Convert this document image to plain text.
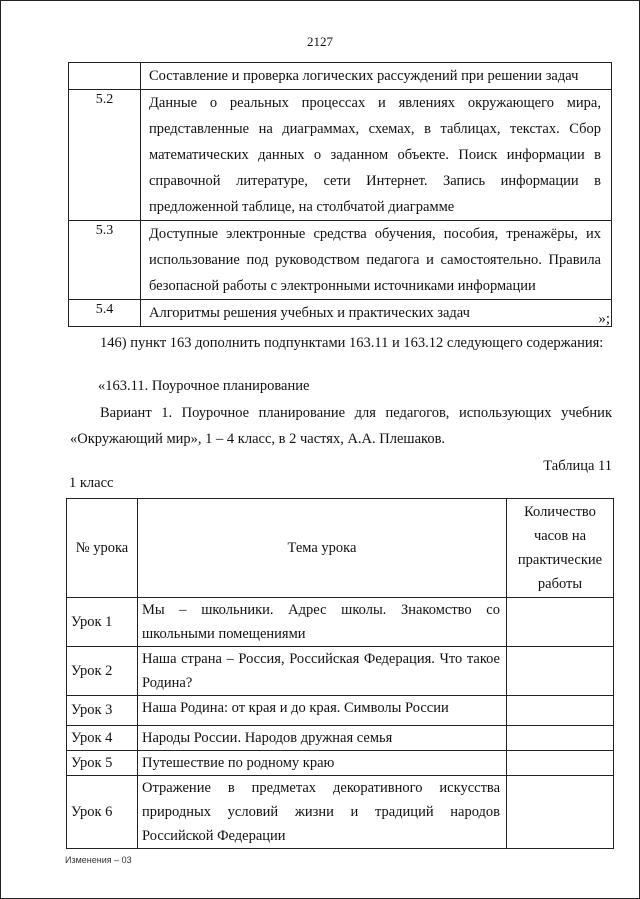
2127
	Составление и проверка логических рассуждений при решении задач
5.2	Данные о реальных процессах и явлениях окружающего мира, представленные на диаграммах, схемах, в таблицах, текстах. Сбор математических данных о заданном объекте. Поиск информации в справочной литературе, сети Интернет. Запись информации в предложенной таблице, на столбчатой диаграмме
5.3	Доступные электронные средства обучения, пособия, тренажёры, их использование под руководством педагога и самостоятельно. Правила безопасной работы с электронными источниками информации
5.4	Алгоритмы решения учебных и практических задач	»;
146) пункт 163 дополнить подпунктами 163.11 и 163.12 следующего содержания:
«163.11. Поурочное планирование
Вариант 1. Поурочное планирование для педагогов, использующих учебник «Окружающий мир», 1 – 4 класс, в 2 частях, А.А. Плешаков.
Таблица 11
1 класс
№ урока	Тема урока	Количество часов на практические работы
Урок 1	Мы – школьники. Адрес школы. Знакомство со школьными помещениями	
Урок 2	Наша страна – Россия, Российская Федерация. Что такое Родина?	
Урок 3	Наша Родина: от края и до края. Символы России	
Урок 4	Народы России. Народов дружная семья	
Урок 5	Путешествие по родному краю	
Урок 6	Отражение в предметах декоративного искусства природных условий жизни и традиций народов Российской Федерации	
Изменения – 03
